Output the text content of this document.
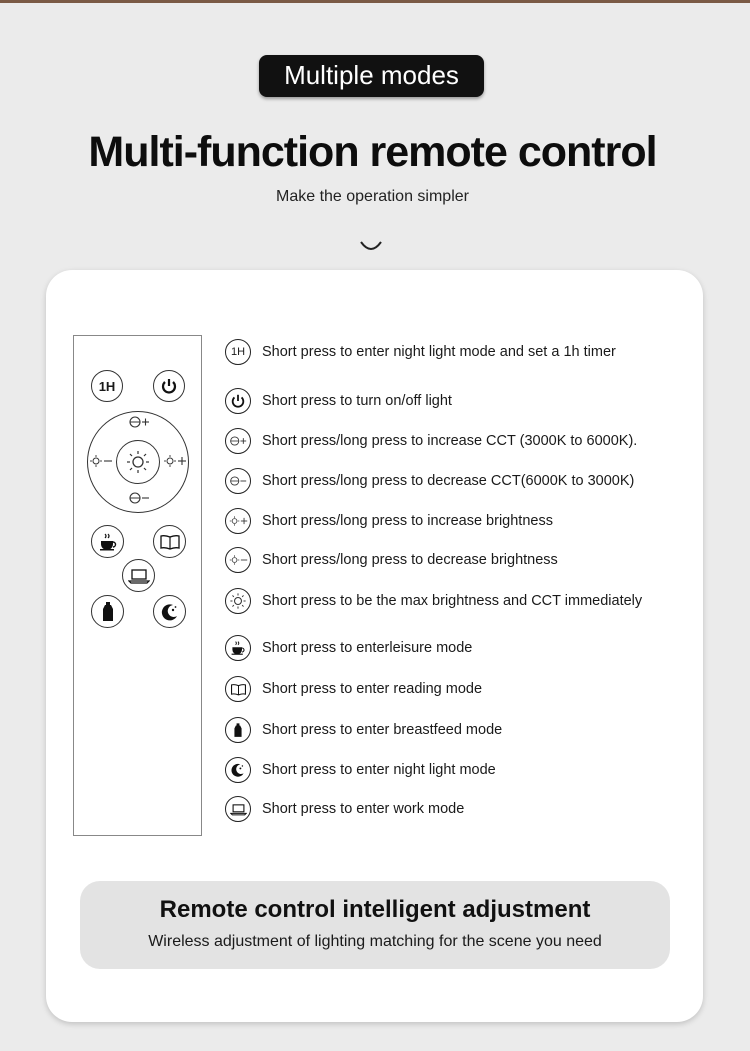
Multiple modes
Multi-function remote control
Make the operation simpler
1H
1H Short press to enter night light mode and set a 1h timer
Short press to turn on/off light
Short press/long press to increase CCT (3000K to 6000K).
Short press/long press to decrease CCT(6000K to 3000K)
Short press/long press to increase brightness
Short press/long press to decrease brightness
Short press to be the max brightness and CCT immediately
Short press to enterleisure mode
Short press to enter reading mode
Short press to enter breastfeed mode
Short press to enter night light mode
Short press to enter work mode
Remote control intelligent adjustment
Wireless adjustment of lighting matching for the scene you need
